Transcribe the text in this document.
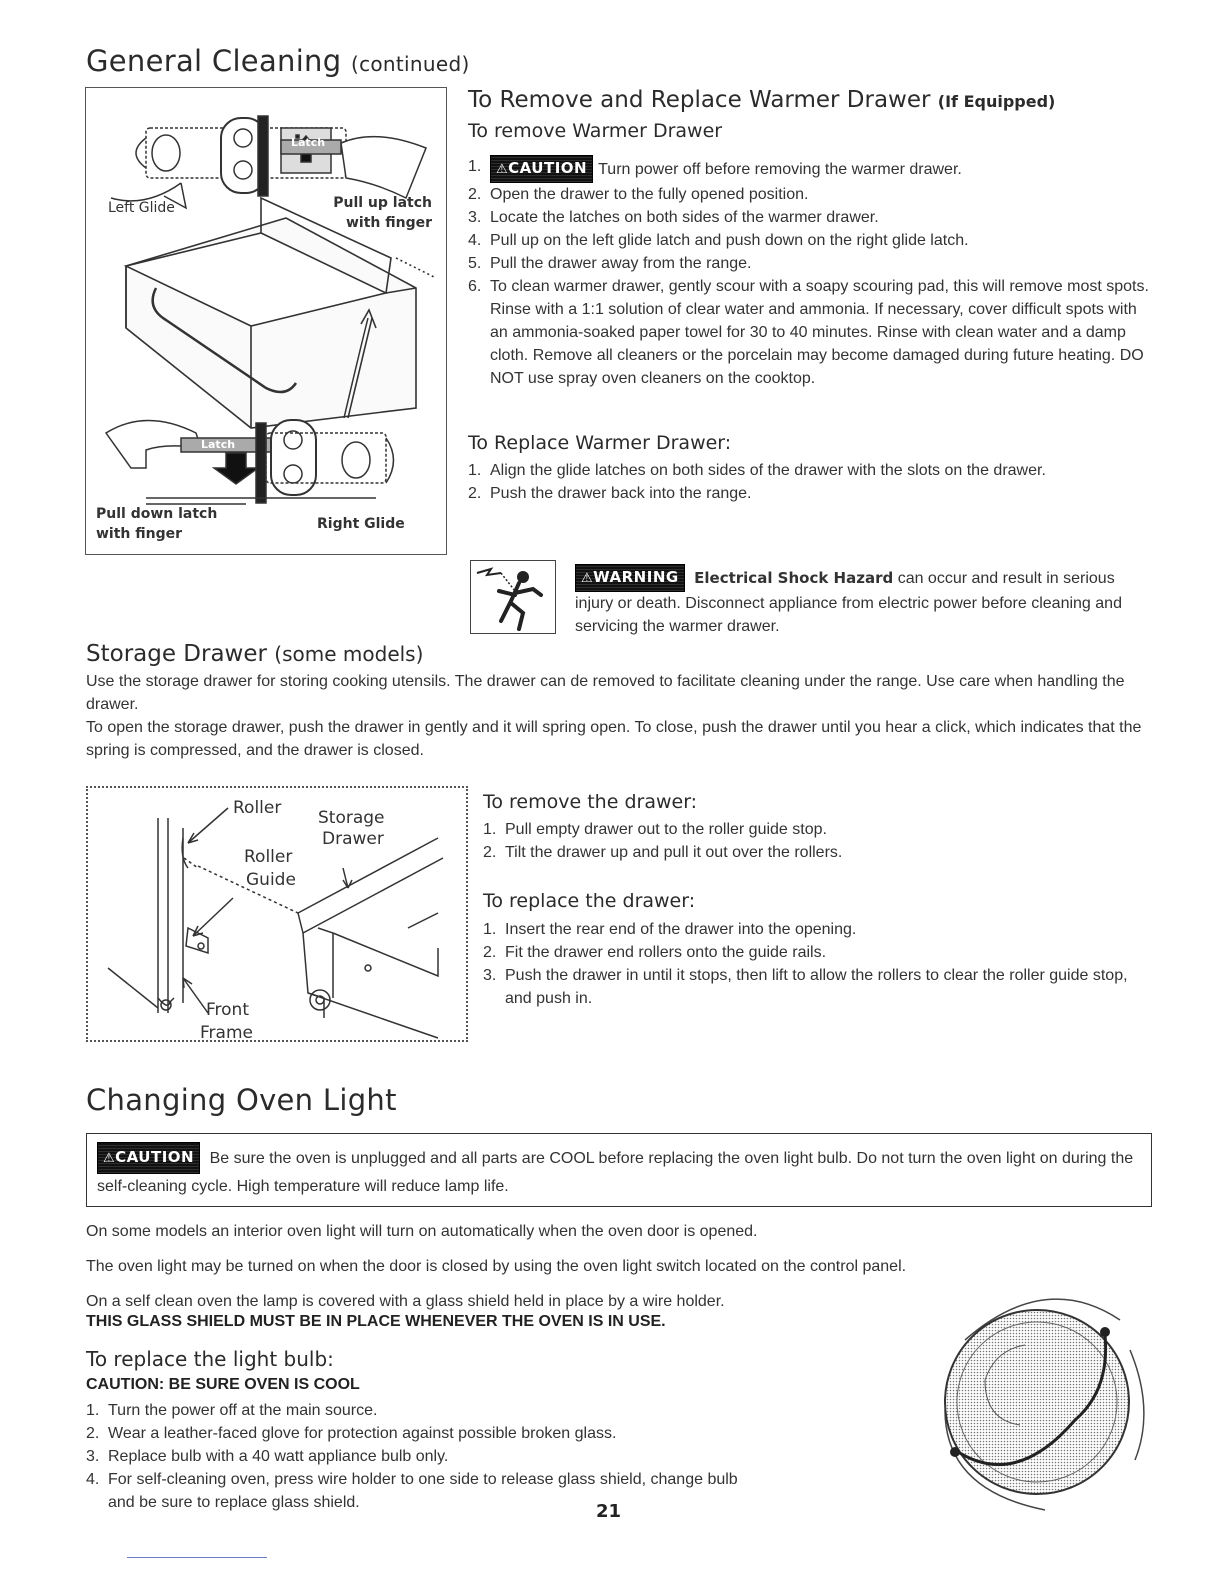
General Cleaning (continued)
Left Glide	Pull up latch
with finger
Latch
Latch
Pull down latch
with finger
Right Glide
To Remove and Replace Warmer Drawer (If Equipped)
To remove Warmer Drawer
1.	⚠CAUTION Turn power off before removing the warmer drawer.
2. Open the drawer to the fully opened position.
3. Locate the latches on both sides of the warmer drawer.
4. Pull up on the left glide latch and push down on the right glide latch.
5. Pull the drawer away from the range.
6. To clean warmer drawer, gently scour with a soapy scouring pad, this will remove most spots. Rinse with a 1:1 solution of clear water and ammonia. If necessary, cover difficult spots with an ammonia-soaked paper towel for 30 to 40 minutes. Rinse with clean water and a damp cloth. Remove all cleaners or the porcelain may become damaged during future heating. DO NOT use spray oven cleaners on the cooktop.
To Replace Warmer Drawer:
1. Align the glide latches on both sides of the drawer with the slots on the drawer.
2. Push the drawer back into the range.
⚠WARNING Electrical Shock Hazard can occur and result in serious injury or death. Disconnect appliance from electric power before cleaning and servicing the warmer drawer.
Storage Drawer (some models)

Use the storage drawer for storing cooking utensils. The drawer can de removed to facilitate cleaning under the range. Use care when handling the drawer.

To open the storage drawer, push the drawer in gently and it will spring open. To close, push the drawer until you hear a click, which indicates that the spring is compressed, and the drawer is closed.

Roller Storage
Drawer
Roller
Guide
Front
Frame
To remove the drawer:
1. Pull empty drawer out to the roller guide stop.
2. Tilt the drawer up and pull it out over the rollers.
To replace the drawer:
1. Insert the rear end of the drawer into the opening.
2. Fit the drawer end rollers onto the guide rails.
3. Push the drawer in until it stops, then lift to allow the rollers to clear the roller guide stop, and push in.
Changing Oven Light

⚠CAUTION Be sure the oven is unplugged and all parts are COOL before replacing the oven light bulb. Do not turn the oven light on during the self-cleaning cycle. High temperature will reduce lamp life.

On some models an interior oven light will turn on automatically when the oven door is opened.

The oven light may be turned on when the door is closed by using the oven light switch located on the control panel.

On a self clean oven the lamp is covered with a glass shield held in place by a wire holder.

THIS GLASS SHIELD MUST BE IN PLACE WHENEVER THE OVEN IS IN USE.
To replace the light bulb:
CAUTION: BE SURE OVEN IS COOL
1. Turn the power off at the main source.
2. Wear a leather-faced glove for protection against possible broken glass.
3. Replace bulb with a 40 watt appliance bulb only.
4. For self-cleaning oven, press wire holder to one side to release glass shield, change bulb and be sure to replace glass shield.	21
